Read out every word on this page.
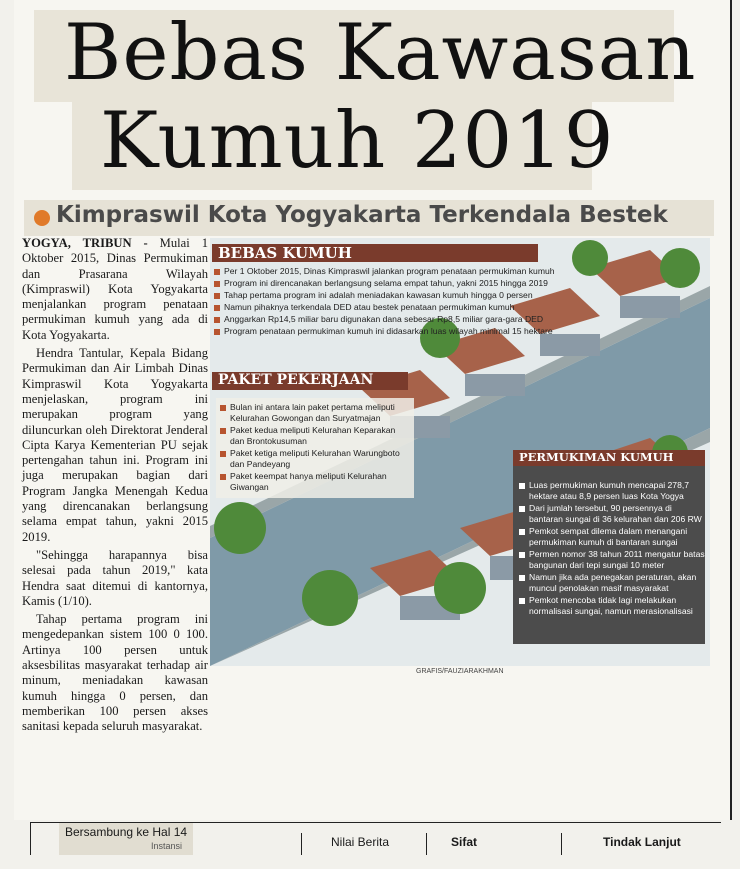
Bebas Kawasan
Kumuh 2019
Kimpraswil Kota Yogyakarta Terkendala Bestek

YOGYA, TRIBUN - Mulai 1 Oktober 2015, Dinas Permukiman dan Prasarana Wilayah (Kimpraswil) Kota Yogyakarta menjalankan program penataan permukiman kumuh yang ada di Kota Yogyakarta.

Hendra Tantular, Kepala Bidang Permukiman dan Air Limbah Dinas Kimpraswil Kota Yogyakarta menjelaskan, program ini merupakan program yang diluncurkan oleh Direktorat Jenderal Cipta Karya Kementerian PU sejak pertengahan tahun ini. Program ini juga merupakan bagian dari Program Jangka Menengah Kedua yang direncanakan berlangsung selama empat tahun, yakni 2015 2019.

"Sehingga harapannya bisa selesai pada tahun 2019," kata Hendra saat ditemui di kantornya, Kamis (1/10).

Tahap pertama program ini mengedepankan sistem 100 0 100. Artinya 100 persen untuk aksesbilitas masyarakat terhadap air minum, meniadakan kawasan kumuh hingga 0 persen, dan memberikan 100 persen akses sanitasi kepada seluruh masyarakat.

BEBAS KUMUH
Per 1 Oktober 2015, Dinas Kimpraswil jalankan program penataan permukiman kumuh
Program ini direncanakan berlangsung selama empat tahun, yakni 2015 hingga 2019
Tahap pertama program ini adalah meniadakan kawasan kumuh hingga 0 persen
Namun pihaknya terkendala DED atau bestek penataan permukiman kumuh
Anggarkan Rp14,5 miliar baru digunakan dana sebesar Rp8,5 miliar gara-gara DED
Program penataan permukiman kumuh ini didasarkan luas wilayah minimal 15 hektare
PAKET PEKERJAAN
Bulan ini antara lain paket pertama meliputi Kelurahan Gowongan dan Suryatmajan
Paket kedua meliputi Kelurahan Keparakan dan Brontokusuman
Paket ketiga meliputi Kelurahan Warungboto dan Pandeyang
Paket keempat hanya meliputi Kelurahan Giwangan
PERMUKIMAN KUMUH
Luas permukiman kumuh mencapai 278,7 hektare atau 8,9 persen luas Kota Yogya
Dari jumlah tersebut, 90 persennya di bantaran sungai di 36 kelurahan dan 206 RW
Pemkot sempat dilema dalam menangani permukiman kumuh di bantaran sungai
Permen nomor 38 tahun 2011 mengatur batas bangunan dari tepi sungai 10 meter
Namun jika ada penegakan peraturan, akan muncul penolakan masif masyarakat
Pemkot mencoba tidak lagi melakukan normalisasi sungai, namun merasionalisasi
GRAFIS/FAUZIARAKHMAN
Bersambung ke Hal 14
Instansi	Nilai Berita	Sifat	Tindak Lanjut
